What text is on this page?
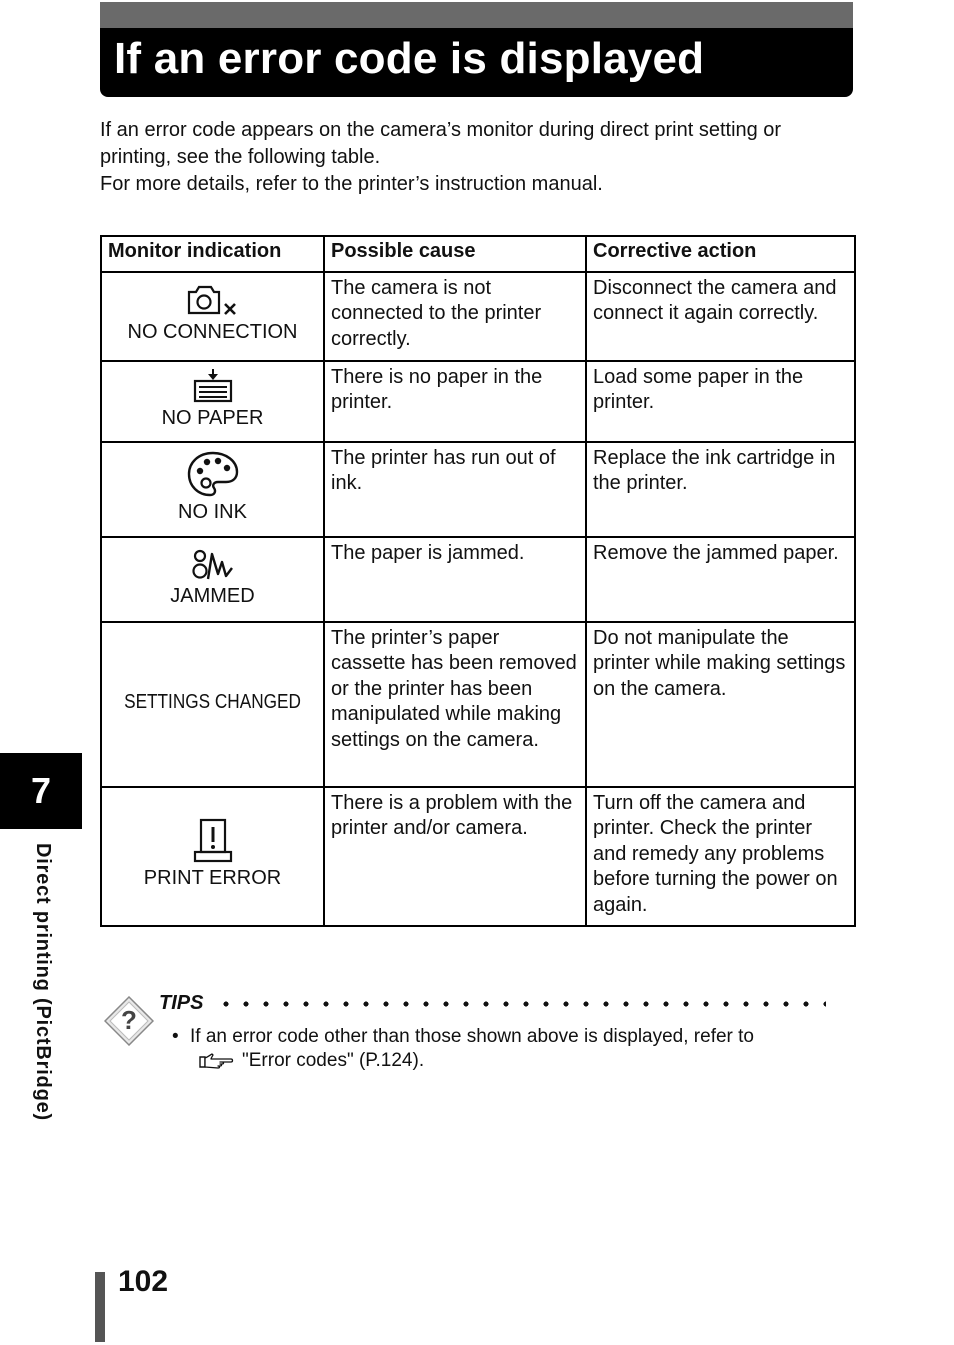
If an error code is displayed

If an error code appears on the camera’s monitor during direct print setting or

printing, see the following table.

For more details, refer to the printer’s instruction manual.

Monitor indication	Possible cause	Corrective action

NO CONNECTION	The camera is not connected to the printer correctly.	Disconnect the camera and connect it again correctly.

NO PAPER	There is no paper in the printer.	Load some paper in the printer.

NO INK	The printer has run out of ink.	Replace the ink cartridge in the printer.

JAMMED	The paper is jammed.	Remove the jammed paper.

SETTINGS CHANGED	The printer’s paper cassette has been removed or the printer has been manipulated while making settings on the camera.	Do not manipulate the printer while making settings on the camera.

PRINT ERROR	There is a problem with the printer and/or camera.	Turn off the camera and printer. Check the printer and remedy any problems before turning the power on again.
7
Direct printing (PictBridge)	?
TIPS
• If an error code other than those shown above is displayed, refer to
"Error codes" (P.124).
102
